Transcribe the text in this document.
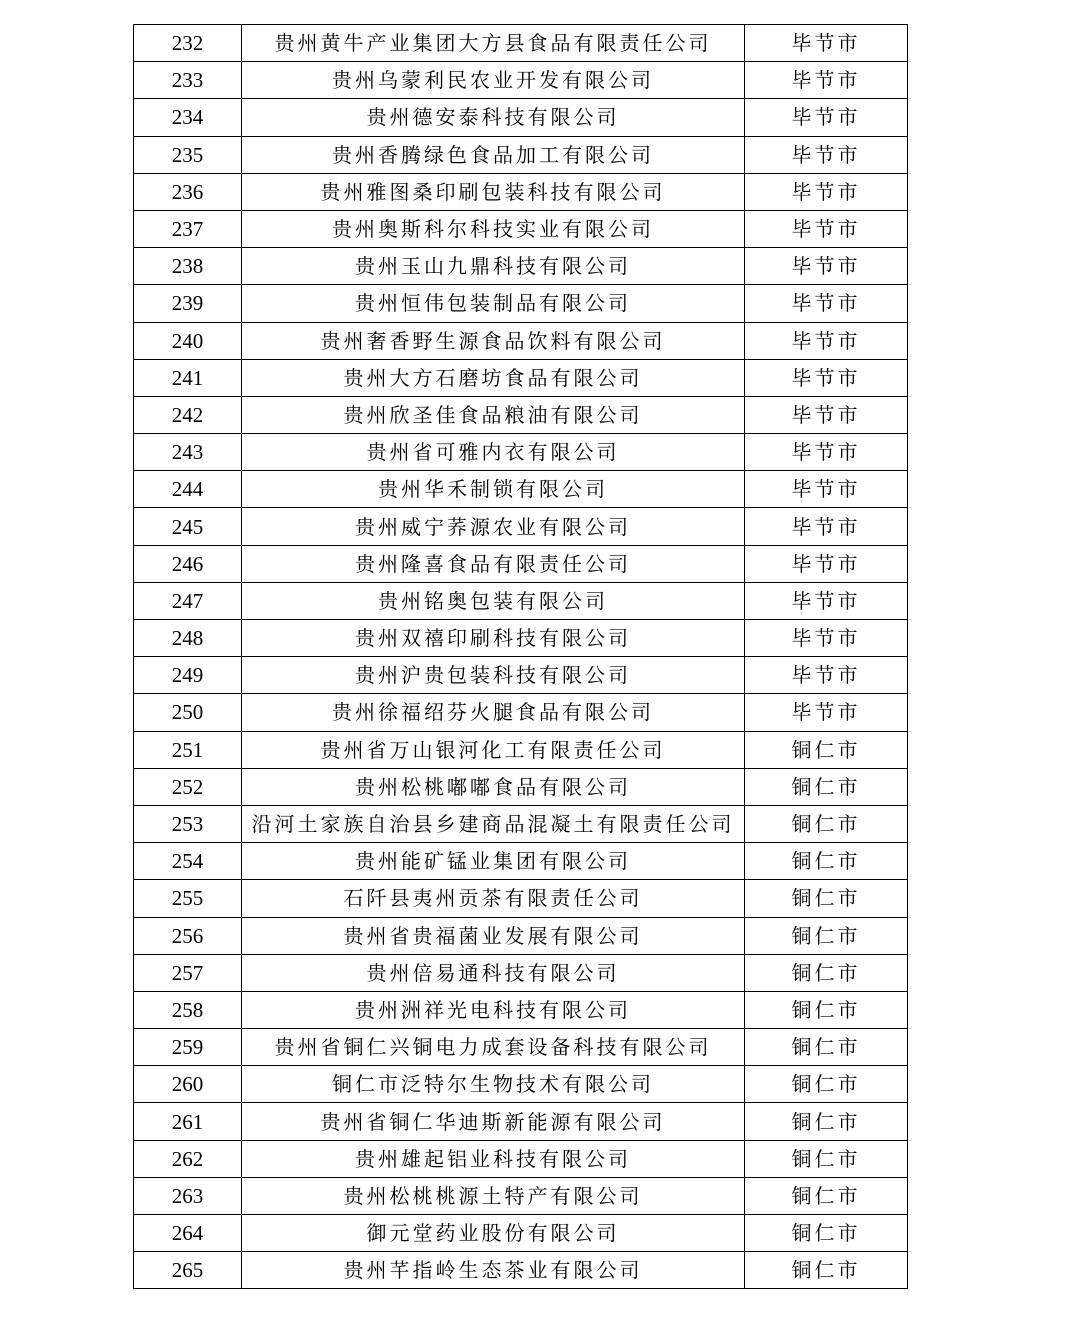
232	贵州黄牛产业集团大方县食品有限责任公司	毕节市
233	贵州乌蒙利民农业开发有限公司	毕节市
234	贵州德安泰科技有限公司	毕节市
235	贵州香腾绿色食品加工有限公司	毕节市
236	贵州雅图桑印刷包装科技有限公司	毕节市
237	贵州奥斯科尔科技实业有限公司	毕节市
238	贵州玉山九鼎科技有限公司	毕节市
239	贵州恒伟包装制品有限公司	毕节市
240	贵州奢香野生源食品饮料有限公司	毕节市
241	贵州大方石磨坊食品有限公司	毕节市
242	贵州欣圣佳食品粮油有限公司	毕节市
243	贵州省可雅内衣有限公司	毕节市
244	贵州华禾制锁有限公司	毕节市
245	贵州威宁荞源农业有限公司	毕节市
246	贵州隆喜食品有限责任公司	毕节市
247	贵州铭奥包装有限公司	毕节市
248	贵州双禧印刷科技有限公司	毕节市
249	贵州沪贵包装科技有限公司	毕节市
250	贵州徐福绍芬火腿食品有限公司	毕节市
251	贵州省万山银河化工有限责任公司	铜仁市
252	贵州松桃嘟嘟食品有限公司	铜仁市
253	沿河土家族自治县乡建商品混凝土有限责任公司	铜仁市
254	贵州能矿锰业集团有限公司	铜仁市
255	石阡县夷州贡茶有限责任公司	铜仁市
256	贵州省贵福菌业发展有限公司	铜仁市
257	贵州倍易通科技有限公司	铜仁市
258	贵州洲祥光电科技有限公司	铜仁市
259	贵州省铜仁兴铜电力成套设备科技有限公司	铜仁市
260	铜仁市泛特尔生物技术有限公司	铜仁市
261	贵州省铜仁华迪斯新能源有限公司	铜仁市
262	贵州雄起铝业科技有限公司	铜仁市
263	贵州松桃桃源土特产有限公司	铜仁市
264	御元堂药业股份有限公司	铜仁市
265	贵州芊指岭生态茶业有限公司	铜仁市
